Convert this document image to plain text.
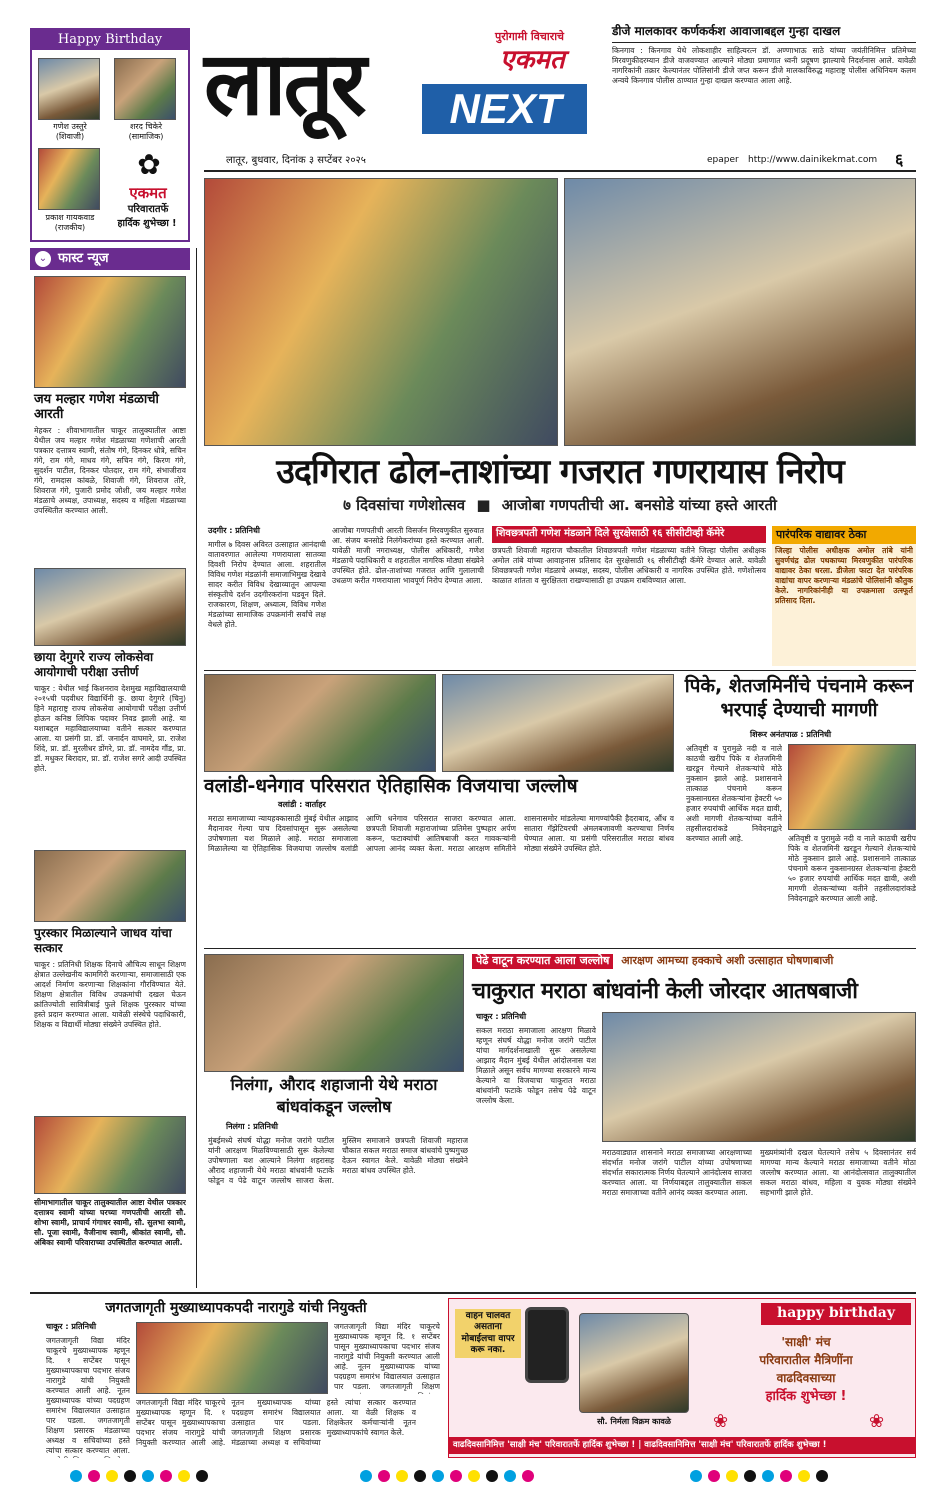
Happy Birthday
गणेश उस्तुरे
(शिवाजी)
शरद चिकेरे
(सामाजिक)
प्रकाश गायकवाड
(राजकीय)
✿
एकमत
परिवारातर्फे
हार्दिक शुभेच्छा !
लातूर	पुरोगामी विचाराचे
एकमत
NEXT
लातूर, बुधवार, दिनांक ३ सप्टेंबर २०२५	epaper http://www.dainikekmat.com ६
डीजे मालकावर कर्णकर्कश आवाजाबद्दल गुन्हा दाखल
किनगाव : किनगाव येथे लोकशाहीर साहित्यरत्न डॉ. अण्णाभाऊ साठे यांच्या जयंतीनिमित्त प्रतिमेच्या मिरवणुकीदरम्यान डीजे वाजवण्यात आल्याने मोठ्या प्रमाणात ध्वनी प्रदूषण झाल्याचे निदर्शनास आले. यावेळी नागरिकांनी तक्रार केल्यानंतर पोलिसांनी डीजे जप्त करून डीजे मालकाविरुद्ध महाराष्ट्र पोलीस अधिनियम कलम अन्वये किनगाव पोलीस ठाण्यात गुन्हा दाखल करण्यात आला आहे.
⌄ फास्ट न्यूज
जय मल्हार गणेश मंडळाची आरती
मेहकर : शीवाभागातील चाकूर तालुक्यातील आष्टा येथील जय मल्हार गणेश मंडळाच्या गणेशाची आरती पत्रकार दत्तात्रय स्वामी, संतोष गंगे, दिनकर धोत्रे, सचिन गंगे, राम गंगे, माधव गंगे, सचिन गंगे, किरण गंगे, सुदर्शन पाटील, दिनकर पोतदार, राम गंगे, संभाजीराव गंगे, रामदास कांबळे, शिवाजी गंगे, शिवराज तोरे, शिवराज गंगे, पुजारी प्रमोद जोशी, जय मल्हार गणेश मंडळाचे अध्यक्ष, उपाध्यक्ष, सदस्य व महिला मंडळाच्या उपस्थितीत करण्यात आली.
छाया देगुगरे राज्य लोकसेवा आयोगाची परीक्षा उत्तीर्ण
चाकूर : येथील भाई किशनराव देशमुख महाविद्यालयाची २०१५ची पदवीधर विद्यार्थिनी कु. छाया देगुगरे (चिनु) हिने महाराष्ट्र राज्य लोकसेवा आयोगाची परीक्षा उत्तीर्ण होऊन कनिष्ठ लिपिक पदावर निवड झाली आहे. या यशाबद्दल महाविद्यालयाच्या वतीने सत्कार करण्यात आला. या प्रसंगी प्रा. डॉ. जनार्दन वाघमारे, प्रा. राजेश शिंदे, प्रा. डॉ. मुरलीधर डोंगरे, प्रा. डॉ. नामदेव गौंड, प्रा. डॉ. मधुकर बिरादार, प्रा. डॉ. राजेश सगरे आदी उपस्थित होते.
पुरस्कार मिळाल्याने जाधव यांचा सत्कार
चाकूर : प्रतिनिधी शिक्षक दिनाचे औचित्य साधून शिक्षण क्षेत्रात उल्लेखनीय कामगिरी करणाऱ्या, समाजासाठी एक आदर्श निर्माण करणाऱ्या शिक्षकांना गौरविण्यात येते. शिक्षण क्षेत्रातील विविध उपक्रमांची दखल घेऊन क्रांतिज्योती सावित्रीबाई फुले शिक्षक पुरस्कार यांच्या हस्ते प्रदान करण्यात आला. यावेळी संस्थेचे पदाधिकारी, शिक्षक व विद्यार्थी मोठ्या संख्येने उपस्थित होते.
सीमाभागातील चाकूर तालुक्यातील आष्टा येथील पत्रकार दत्तात्रय स्वामी यांच्या घरच्या गणपतीची आरती सौ. शोभा स्वामी, प्राचार्य गंगाधर स्वामी, सौ. सुलभा स्वामी, सौ. पूजा स्वामी, वैजीनाथ स्वामी, श्रीकांत स्वामी, सौ. अंबिका स्वामी परिवाराच्या उपस्थितीत करण्यात आली.
उदगिरात ढोल-ताशांच्या गजरात गणरायास निरोप
७ दिवसांचा गणेशोत्सव ■ आजोबा गणपतीची आ. बनसोडे यांच्या हस्ते आरती
उदगीर : प्रतिनिधी
मागील ७ दिवस अविरत उत्साहात आनंदाची वातावरणात आलेल्या गणरायाला सातव्या दिवशी निरोप देण्यात आला. शहरातील विविध गणेश मंडळांनी समाजाभिमुख देखावे सादर करीत विविध देखाव्यातून आपल्या संस्कृतीचे दर्शन उदगीरकरांना घडवून दिले. राजकारण, शिक्षण, अध्यात्म, विविध गणेश मंडळांच्या सामाजिक उपक्रमांनी सर्वांचे लक्ष वेधले होते.
आजोबा गणपतीची आरती विसर्जन मिरवणुकीत सुरुवात आ. संजय बनसोडे निलंगेकरांच्या हस्ते करण्यात आली. यावेळी माजी नगराध्यक्ष, पोलीस अधिकारी, गणेश मंडळाचे पदाधिकारी व शहरातील नागरिक मोठ्या संख्येने उपस्थित होते. ढोल-ताशांच्या गजरात आणि गुलालाची उधळण करीत गणरायाला भावपूर्ण निरोप देण्यात आला.
शिवछत्रपती गणेश मंडळाने दिले सुरक्षेसाठी १६ सीसीटीव्ही कॅमेरे
छत्रपती शिवाजी महाराज चौकातील शिवछत्रपती गणेश मंडळाच्या वतीने जिल्हा पोलीस अधीक्षक अमोल तांबे यांच्या आवाहनास प्रतिसाद देत सुरक्षेसाठी १६ सीसीटीव्ही कॅमेरे देण्यात आले. यावेळी शिवछत्रपती गणेश मंडळाचे अध्यक्ष, सदस्य, पोलीस अधिकारी व नागरिक उपस्थित होते. गणेशोत्सव काळात शांतता व सुरक्षितता राखण्यासाठी हा उपक्रम राबविण्यात आला.
पारंपरिक वाद्यावर ठेका
जिल्हा पोलीस अधीक्षक अमोल तांबे यांनी सुवर्णचंद्र ढोल पथकाच्या मिरवणुकीत पारंपरिक वाद्यावर ठेका धरला. डीजेला फाटा देत पारंपरिक वाद्यांचा वापर करणाऱ्या मंडळांचे पोलिसांनी कौतुक केले. नागरिकांनीही या उपक्रमाला उत्स्फूर्त प्रतिसाद दिला.
वलांडी-धनेगाव परिसरात ऐतिहासिक विजयाचा जल्लोष
वलांडी : वार्ताहर
मराठा समाजाच्या न्यायहक्कासाठी मुंबई येथील आझाद मैदानावर गेल्या पाच दिवसांपासून सुरू असलेल्या उपोषणाला यश मिळाले आहे. मराठा समाजाला मिळालेल्या या ऐतिहासिक विजयाचा जल्लोष वलांडी आणि धनेगाव परिसरात साजरा करण्यात आला. छत्रपती शिवाजी महाराजांच्या प्रतिमेस पुष्पहार अर्पण करून, फटाक्यांची आतिषबाजी करत गावकऱ्यांनी आपला आनंद व्यक्त केला. मराठा आरक्षण समितीने शासनासमोर मांडलेल्या मागण्यांपैकी हैदराबाद, औंध व सातारा गॅझेटियरची अंमलबजावणी करण्याचा निर्णय घेण्यात आला. या प्रसंगी परिसरातील मराठा बांधव मोठ्या संख्येने उपस्थित होते.
पिके, शेतजमिनींचे पंचनामे करून भरपाई देण्याची मागणी
शिरूर अनंतपाळ : प्रतिनिधी
अतिवृष्टी व पुरामुळे नदी व नाले काठची खरीप पिके व शेतजमिनी खरडून गेल्याने शेतकऱ्यांचे मोठे नुकसान झाले आहे. प्रशासनाने तात्काळ पंचनामे करून नुकसानग्रस्त शेतकऱ्यांना हेक्टरी ५० हजार रुपयांची आर्थिक मदत द्यावी, अशी मागणी शेतकऱ्यांच्या वतीने तहसीलदारांकडे निवेदनाद्वारे करण्यात आली आहे.	अतिवृष्टी व पुरामुळे नदी व नाले काठची खरीप पिके व शेतजमिनी खरडून गेल्याने शेतकऱ्यांचे मोठे नुकसान झाले आहे. प्रशासनाने तात्काळ पंचनामे करून नुकसानग्रस्त शेतकऱ्यांना हेक्टरी ५० हजार रुपयांची आर्थिक मदत द्यावी, अशी मागणी शेतकऱ्यांच्या वतीने तहसीलदारांकडे निवेदनाद्वारे करण्यात आली आहे.
पेढे वाटून करण्यात आला जल्लोष आरक्षण आमच्या हक्काचे अशी उत्साहात घोषणाबाजी
चाकुरात मराठा बांधवांनी केली जोरदार आतषबाजी
चाकूर : प्रतिनिधी
सकल मराठा समाजाला आरक्षण मिळावे म्हणून संघर्ष योद्धा मनोज जरांगे पाटील यांचा मार्गदर्शनाखाली सुरू असलेल्या आझाद मैदान मुंबई येथील आंदोलनास यश मिळाले असून सर्वच मागण्या सरकारने मान्य केल्याने या विजयाचा चाकूरात मराठा बांधवांनी फटाके फोडून तसेच पेढे वाटून जल्लोष केला.
मराठवाड्यात शासनाने मराठा समाजाच्या आरक्षणाच्या संदर्भात मनोज जरांगे पाटील यांच्या उपोषणाच्या संदर्भात सकारात्मक निर्णय घेतल्याने आनंदोत्सव साजरा करण्यात आला. या निर्णयाबद्दल तालुक्यातील सकल मराठा समाजाच्या वतीने आनंद व्यक्त करण्यात आला.
मुख्यमंत्र्यांनी दखल घेतल्याने तसेच ५ दिवसानंतर सर्व मागण्या मान्य केल्याने मराठा समाजाच्या वतीने मोठा जल्लोष करण्यात आला. या आनंदोत्सवात तालुक्यातील सकल मराठा बांधव, महिला व युवक मोठ्या संख्येने सहभागी झाले होते.
निलंगा, औराद शहाजानी येथे मराठा बांधवांकडून जल्लोष
निलंगा : प्रतिनिधी
मुंबईमध्ये संघर्ष योद्धा मनोज जरांगे पाटील यांनी आरक्षण मिळविण्यासाठी सुरू केलेल्या उपोषणाला यश आल्याने निलंगा शहरासह औराद शहाजानी येथे मराठा बांधवांनी फटाके फोडून व पेढे वाटून जल्लोष साजरा केला. मुस्लिम समाजाने छत्रपती शिवाजी महाराज चौकात सकल मराठा समाज बांधवांचे पुष्पगुच्छ देऊन स्वागत केले. यावेळी मोठ्या संख्येने मराठा बांधव उपस्थित होते.
जगतजागृती मुख्याध्यापकपदी नारागुडे यांची नियुक्ती
चाकूर : प्रतिनिधी
जगतजागृती विद्या मंदिर चाकूरचे मुख्याध्यापक म्हणून दि. १ सप्टेंबर पासून मुख्याध्यापकाचा पदभार संजय नारागुडे यांची नियुक्ती करण्यात आली आहे. नूतन मुख्याध्यापक यांच्या पदग्रहण समारंभ विद्यालयात उत्साहात पार पडला. जगतजागृती शिक्षण प्रसारक मंडळाच्या अध्यक्ष व सचिवांच्या हस्ते त्यांचा सत्कार करण्यात आला.
जगतजागृती विद्या मंदिर चाकूरचे मुख्याध्यापक म्हणून दि. १ सप्टेंबर पासून मुख्याध्यापकाचा पदभार संजय नारागुडे यांची नियुक्ती करण्यात आली आहे. नूतन मुख्याध्यापक यांच्या पदग्रहण समारंभ विद्यालयात उत्साहात पार पडला. जगतजागृती शिक्षण प्रसारक मंडळाच्या अध्यक्ष व सचिवांच्या हस्ते त्यांचा सत्कार करण्यात आला. या वेळी शिक्षक व शिक्षकेतर कर्मचाऱ्यांनी नूतन मुख्याध्यापकांचे स्वागत केले.
जगतजागृती विद्या मंदिर चाकूरचे मुख्याध्यापक म्हणून दि. १ सप्टेंबर पासून मुख्याध्यापकाचा पदभार संजय नारागुडे यांची नियुक्ती करण्यात आली आहे. नूतन मुख्याध्यापक यांच्या पदग्रहण समारंभ विद्यालयात उत्साहात पार पडला. जगतजागृती शिक्षण
वाहन चालवत असताना मोबाईलचा वापर करू नका.
सौ. निर्मला विक्रम कावळे
happy birthday
'साक्षी' मंच
परिवारातील मैत्रिणींना
वाढदिवसाच्या
हार्दिक शुभेच्छा !
❀
❀
वाढदिवसानिमित्त 'साक्षी मंच' परिवारातर्फे हार्दिक शुभेच्छा ! | वाढदिवसानिमित्त 'साक्षी मंच' परिवारातर्फे हार्दिक शुभेच्छा !
